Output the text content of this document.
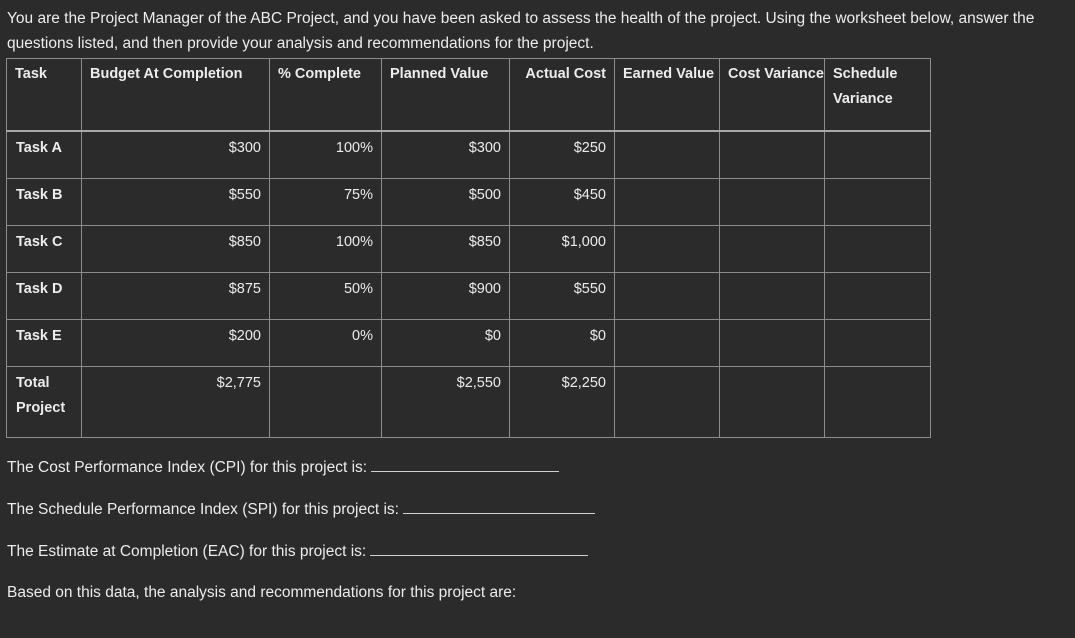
You are the Project Manager of the ABC Project, and you have been asked to assess the health of the project. Using the worksheet below, answer the questions listed, and then provide your analysis and recommendations for the project.
Task	Budget At Completion	% Complete	Planned Value	Actual Cost	Earned Value	Cost Variance	Schedule Variance
Task A	$300	100%	$300	$250			
Task B	$550	75%	$500	$450			
Task C	$850	100%	$850	$1,000			
Task D	$875	50%	$900	$550			
Task E	$200	0%	$0	$0			
Total Project	$2,775		$2,550	$2,250			
The Cost Performance Index (CPI) for this project is:
The Schedule Performance Index (SPI) for this project is:
The Estimate at Completion (EAC) for this project is:
Based on this data, the analysis and recommendations for this project are:
